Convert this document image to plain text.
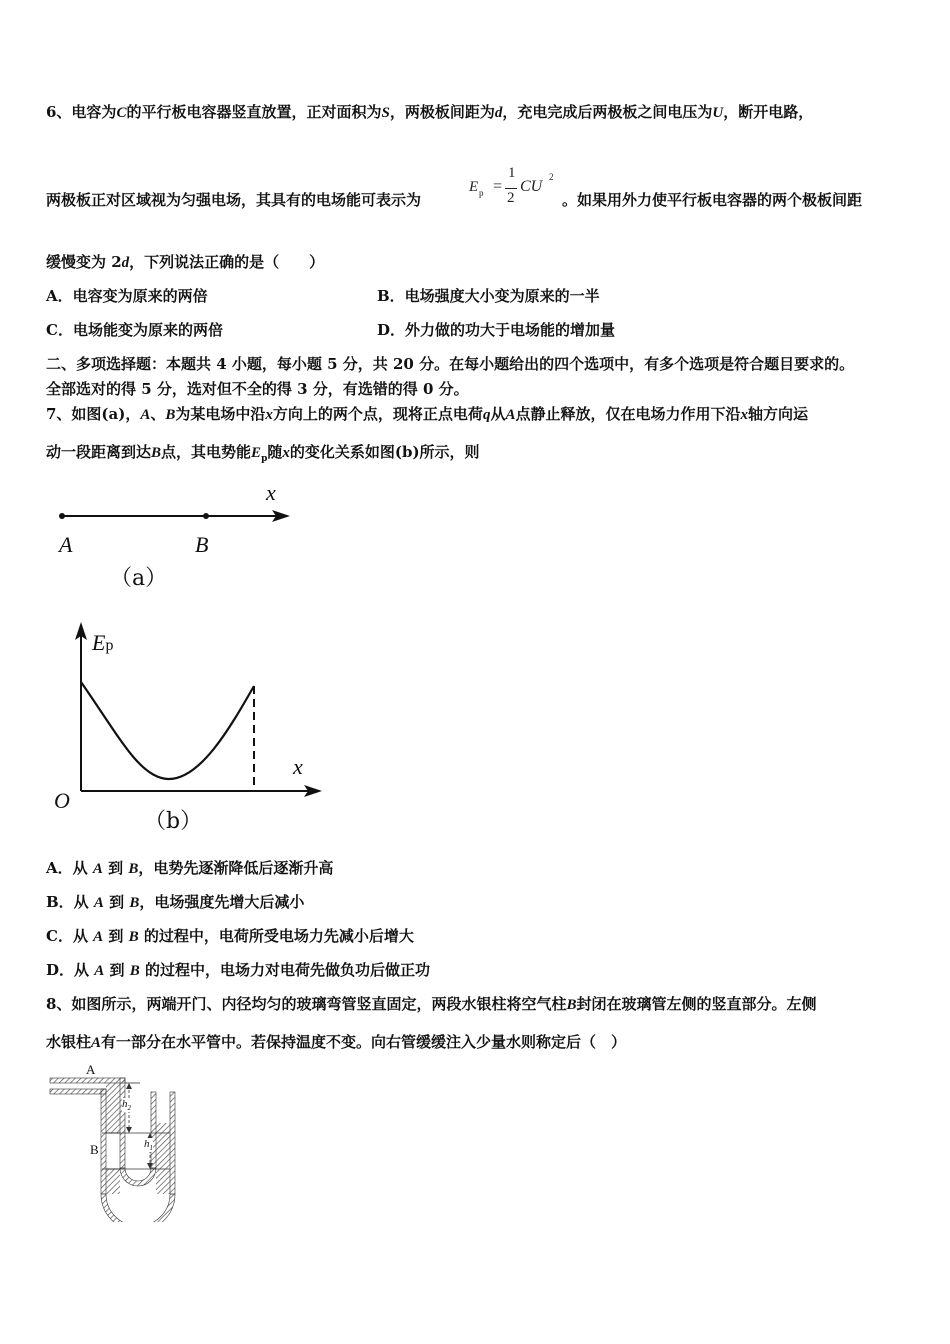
6、电容为C的平行板电容器竖直放置，正对面积为S，两极板间距为d，充电完成后两极板之间电压为U，断开电路，
两极板正对区域视为匀强电场，其具有的电场能可表示为
E p =
1
2
CU
2
。如果用外力使平行板电容器的两个极板间距
缓慢变为 2d，下列说法正确的是（　　）
A．电容变为原来的两倍	B．电场强度大小变为原来的一半
C．电场能变为原来的两倍	D．外力做的功大于电场能的增加量
二、多项选择题：本题共 4 小题，每小题 5 分，共 20 分。在每小题给出的四个选项中，有多个选项是符合题目要求的。
全部选对的得 5 分，选对但不全的得 3 分，有选错的得 0 分。
7、如图(a)，A、B为某电场中沿x方向上的两个点，现将正点电荷q从A点静止释放，仅在电场力作用下沿x轴方向运
动一段距离到达B点，其电势能$E_p$随x的变化关系如图(b)所示，则
x
A	B
（a）
Ep
x
O
（b）
A．从 A 到 B，电势先逐渐降低后逐渐升高
B．从 A 到 B，电场强度先增大后减小
C．从 A 到 B 的过程中，电荷所受电场力先减小后增大
D．从 A 到 B 的过程中，电场力对电荷先做负功后做正功
8、如图所示，两端开门、内径均匀的玻璃弯管竖直固定，两段水银柱将空气柱B封闭在玻璃管左侧的竖直部分。左侧
水银柱A有一部分在水平管中。若保持温度不变。向右管缓缓注入少量水则称定后（　）
A
B
$h_2$
$h_1$
